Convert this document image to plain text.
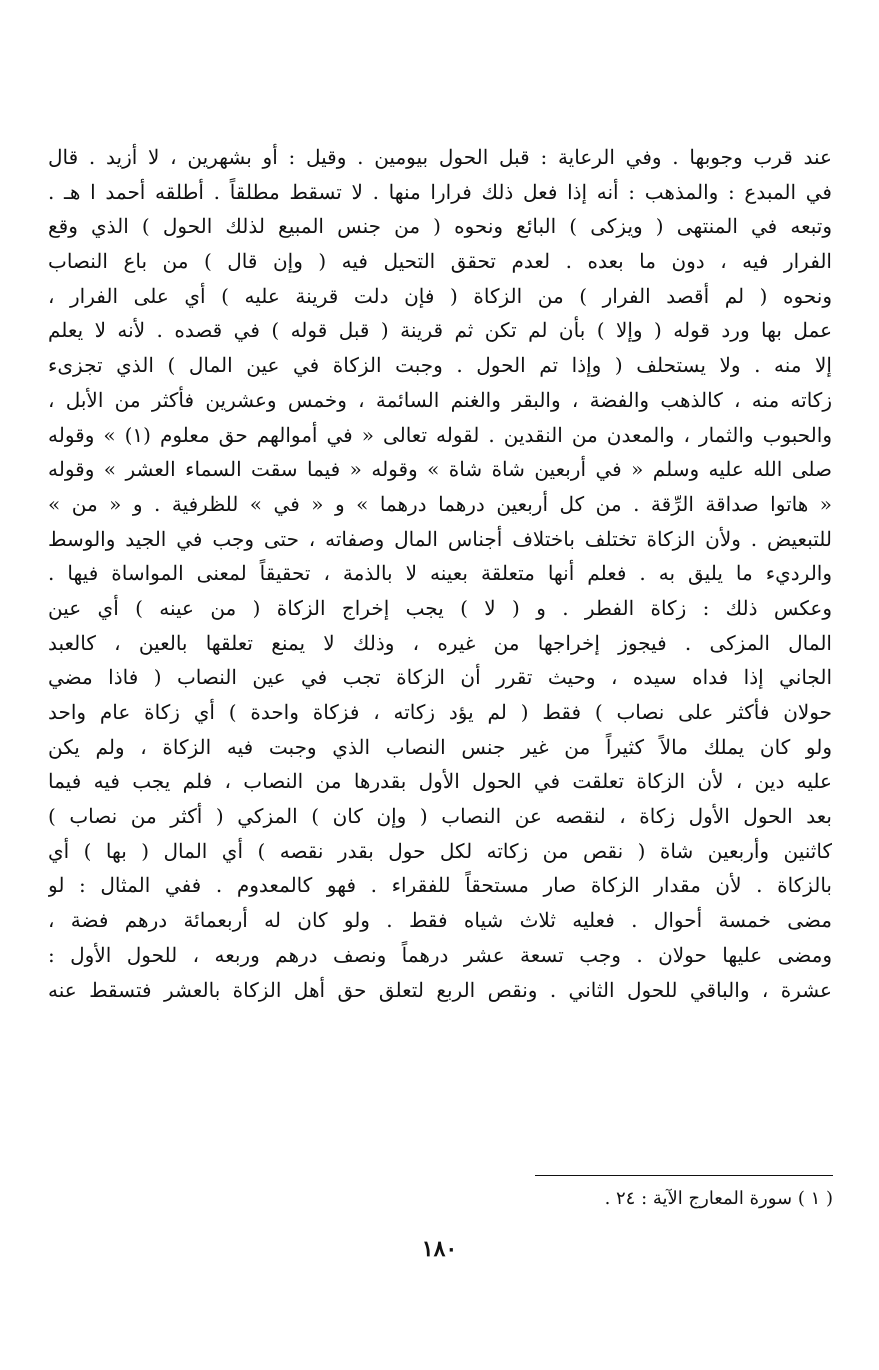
عند قرب وجوبها . وفي الرعاية : قبل الحول بيومين . وقيل : أو بشهرين ، لا أزيد . قال
في المبدع : والمذهب : أنه إذا فعل ذلك فرارا منها . لا تسقط مطلقاً . أطلقه أحمد ا هـ .
وتبعه في المنتهى ( ويزكى ) البائع ونحوه ( من جنس المبيع لذلك الحول ) الذي وقع
الفرار فيه ، دون ما بعده . لعدم تحقق التحيل فيه ( وإن قال ) من باع النصاب
ونحوه ( لم أقصد الفرار ) من الزكاة ( فإن دلت قرينة عليه ) أي على الفرار ،
عمل بها ورد قوله ( وإلا ) بأن لم تكن ثم قرينة ( قبل قوله ) في قصده . لأنه لا يعلم
إلا منه . ولا يستحلف ( وإذا تم الحول . وجبت الزكاة في عين المال ) الذي تجزىء
زكاته منه ، كالذهب والفضة ، والبقر والغنم السائمة ، وخمس وعشرين فأكثر من الأبل ،
والحبوب والثمار ، والمعدن من النقدين . لقوله تعالى « في أموالهم حق معلوم (١) » وقوله
صلى الله عليه وسلم « في أربعين شاة شاة » وقوله « فيما سقت السماء العشر » وقوله
« هاتوا صداقة الرِّقة . من كل أربعين درهما درهما » و « في » للظرفية . و « من »
للتبعيض . ولأن الزكاة تختلف باختلاف أجناس المال وصفاته ، حتى وجب في الجيد والوسط
والرديء ما يليق به . فعلم أنها متعلقة بعينه لا بالذمة ، تحقيقاً لمعنى المواساة فيها .
وعكس ذلك : زكاة الفطر . و ( لا ) يجب إخراج الزكاة ( من عينه ) أي عين
المال المزكى . فيجوز إخراجها من غيره ، وذلك لا يمنع تعلقها بالعين ، كالعبد
الجاني إذا فداه سيده ، وحيث تقرر أن الزكاة تجب في عين النصاب ( فاذا مضي
حولان فأكثر على نصاب ) فقط ( لم يؤد زكاته ، فزكاة واحدة ) أي زكاة عام واحد
ولو كان يملك مالاً كثيراً من غير جنس النصاب الذي وجبت فيه الزكاة ، ولم يكن
عليه دين ، لأن الزكاة تعلقت في الحول الأول بقدرها من النصاب ، فلم يجب فيه فيما
بعد الحول الأول زكاة ، لنقصه عن النصاب ( وإن كان ) المزكي ( أكثر من نصاب )
كاثنين وأربعين شاة ( نقص من زكاته لكل حول بقدر نقصه ) أي المال ( بها ) أي
بالزكاة . لأن مقدار الزكاة صار مستحقاً للفقراء . فهو كالمعدوم . ففي المثال : لو
مضى خمسة أحوال . فعليه ثلاث شياه فقط . ولو كان له أربعمائة درهم فضة ،
ومضى عليها حولان . وجب تسعة عشر درهماً ونصف درهم وربعه ، للحول الأول :
عشرة ، والباقي للحول الثاني . ونقص الربع لتعلق حق أهل الزكاة بالعشر فتسقط عنه
( ١ ) سورة المعارج الآية : ٢٤ .
١٨٠
